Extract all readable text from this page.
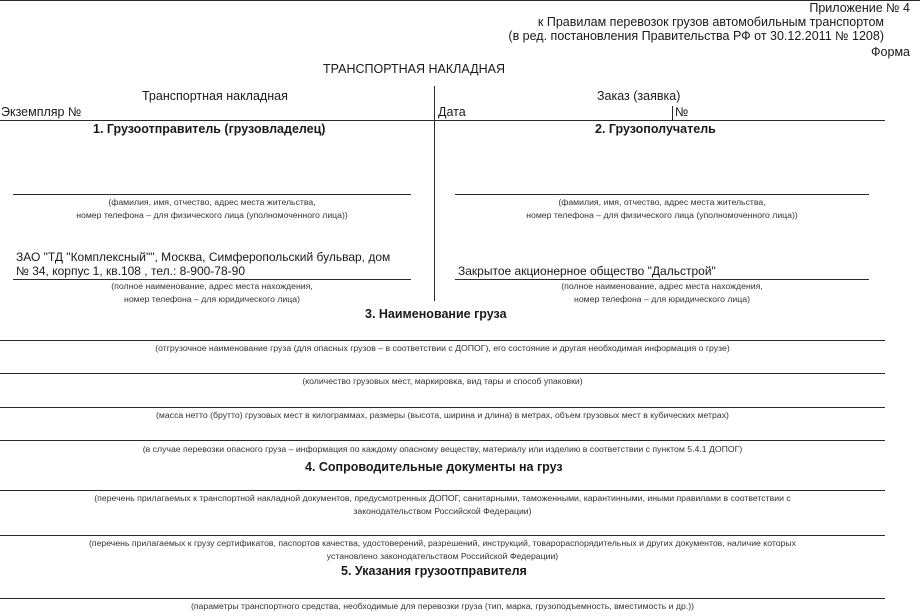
Приложение № 4
к Правилам перевозок грузов автомобильным транспортом
(в ред. постановления Правительства РФ от 30.12.2011 № 1208)
Форма
ТРАНСПОРТНАЯ НАКЛАДНАЯ
Транспортная накладная
Экземпляр №
Заказ (заявка)
Дата	№
1. Грузоотправитель (грузовладелец)	2. Грузополучатель
(фамилия, имя, отчество, адрес места жительства,
номер телефона – для физического лица (уполномоченного лица))
(фамилия, имя, отчество, адрес места жительства,
номер телефона – для физического лица (уполномоченного лица))
ЗАО "ТД "Комплексный"", Москва, Симферопольский бульвар, дом
№ 34, корпус 1, кв.108 , тел.: 8-900-78-90
(полное наименование, адрес места нахождения,
номер телефона – для юридического лица)
Закрытое акционерное общество "Дальстрой"
(полное наименование, адрес места нахождения,
номер телефона – для юридического лица)
3. Наименование груза
(отгрузочное наименование груза (для опасных грузов – в соответствии с ДОПОГ), его состояние и другая необходимая информация о грузе)
(количество грузовых мест, маркировка, вид тары и способ упаковки)
(масса нетто (брутто) грузовых мест в килограммах, размеры (высота, ширина и длина) в метрах, объем грузовых мест в кубических метрах)
(в случае перевозки опасного груза – информация по каждому опасному веществу, материалу или изделию в соответствии с пунктом 5.4.1 ДОПОГ)
4. Сопроводительные документы на груз
(перечень прилагаемых к транспортной накладной документов, предусмотренных ДОПОГ, санитарными, таможенными, карантинными, иными правилами в соответствии с
законодательством Российской Федерации)
(перечень прилагаемых к грузу сертификатов, паспортов качества, удостоверений, разрешений, инструкций, товарораспорядительных и других документов, наличие которых
установлено законодательством Российской Федерации)
5. Указания грузоотправителя
(параметры транспортного средства, необходимые для перевозки груза (тип, марка, грузоподъемность, вместимость и др.))
